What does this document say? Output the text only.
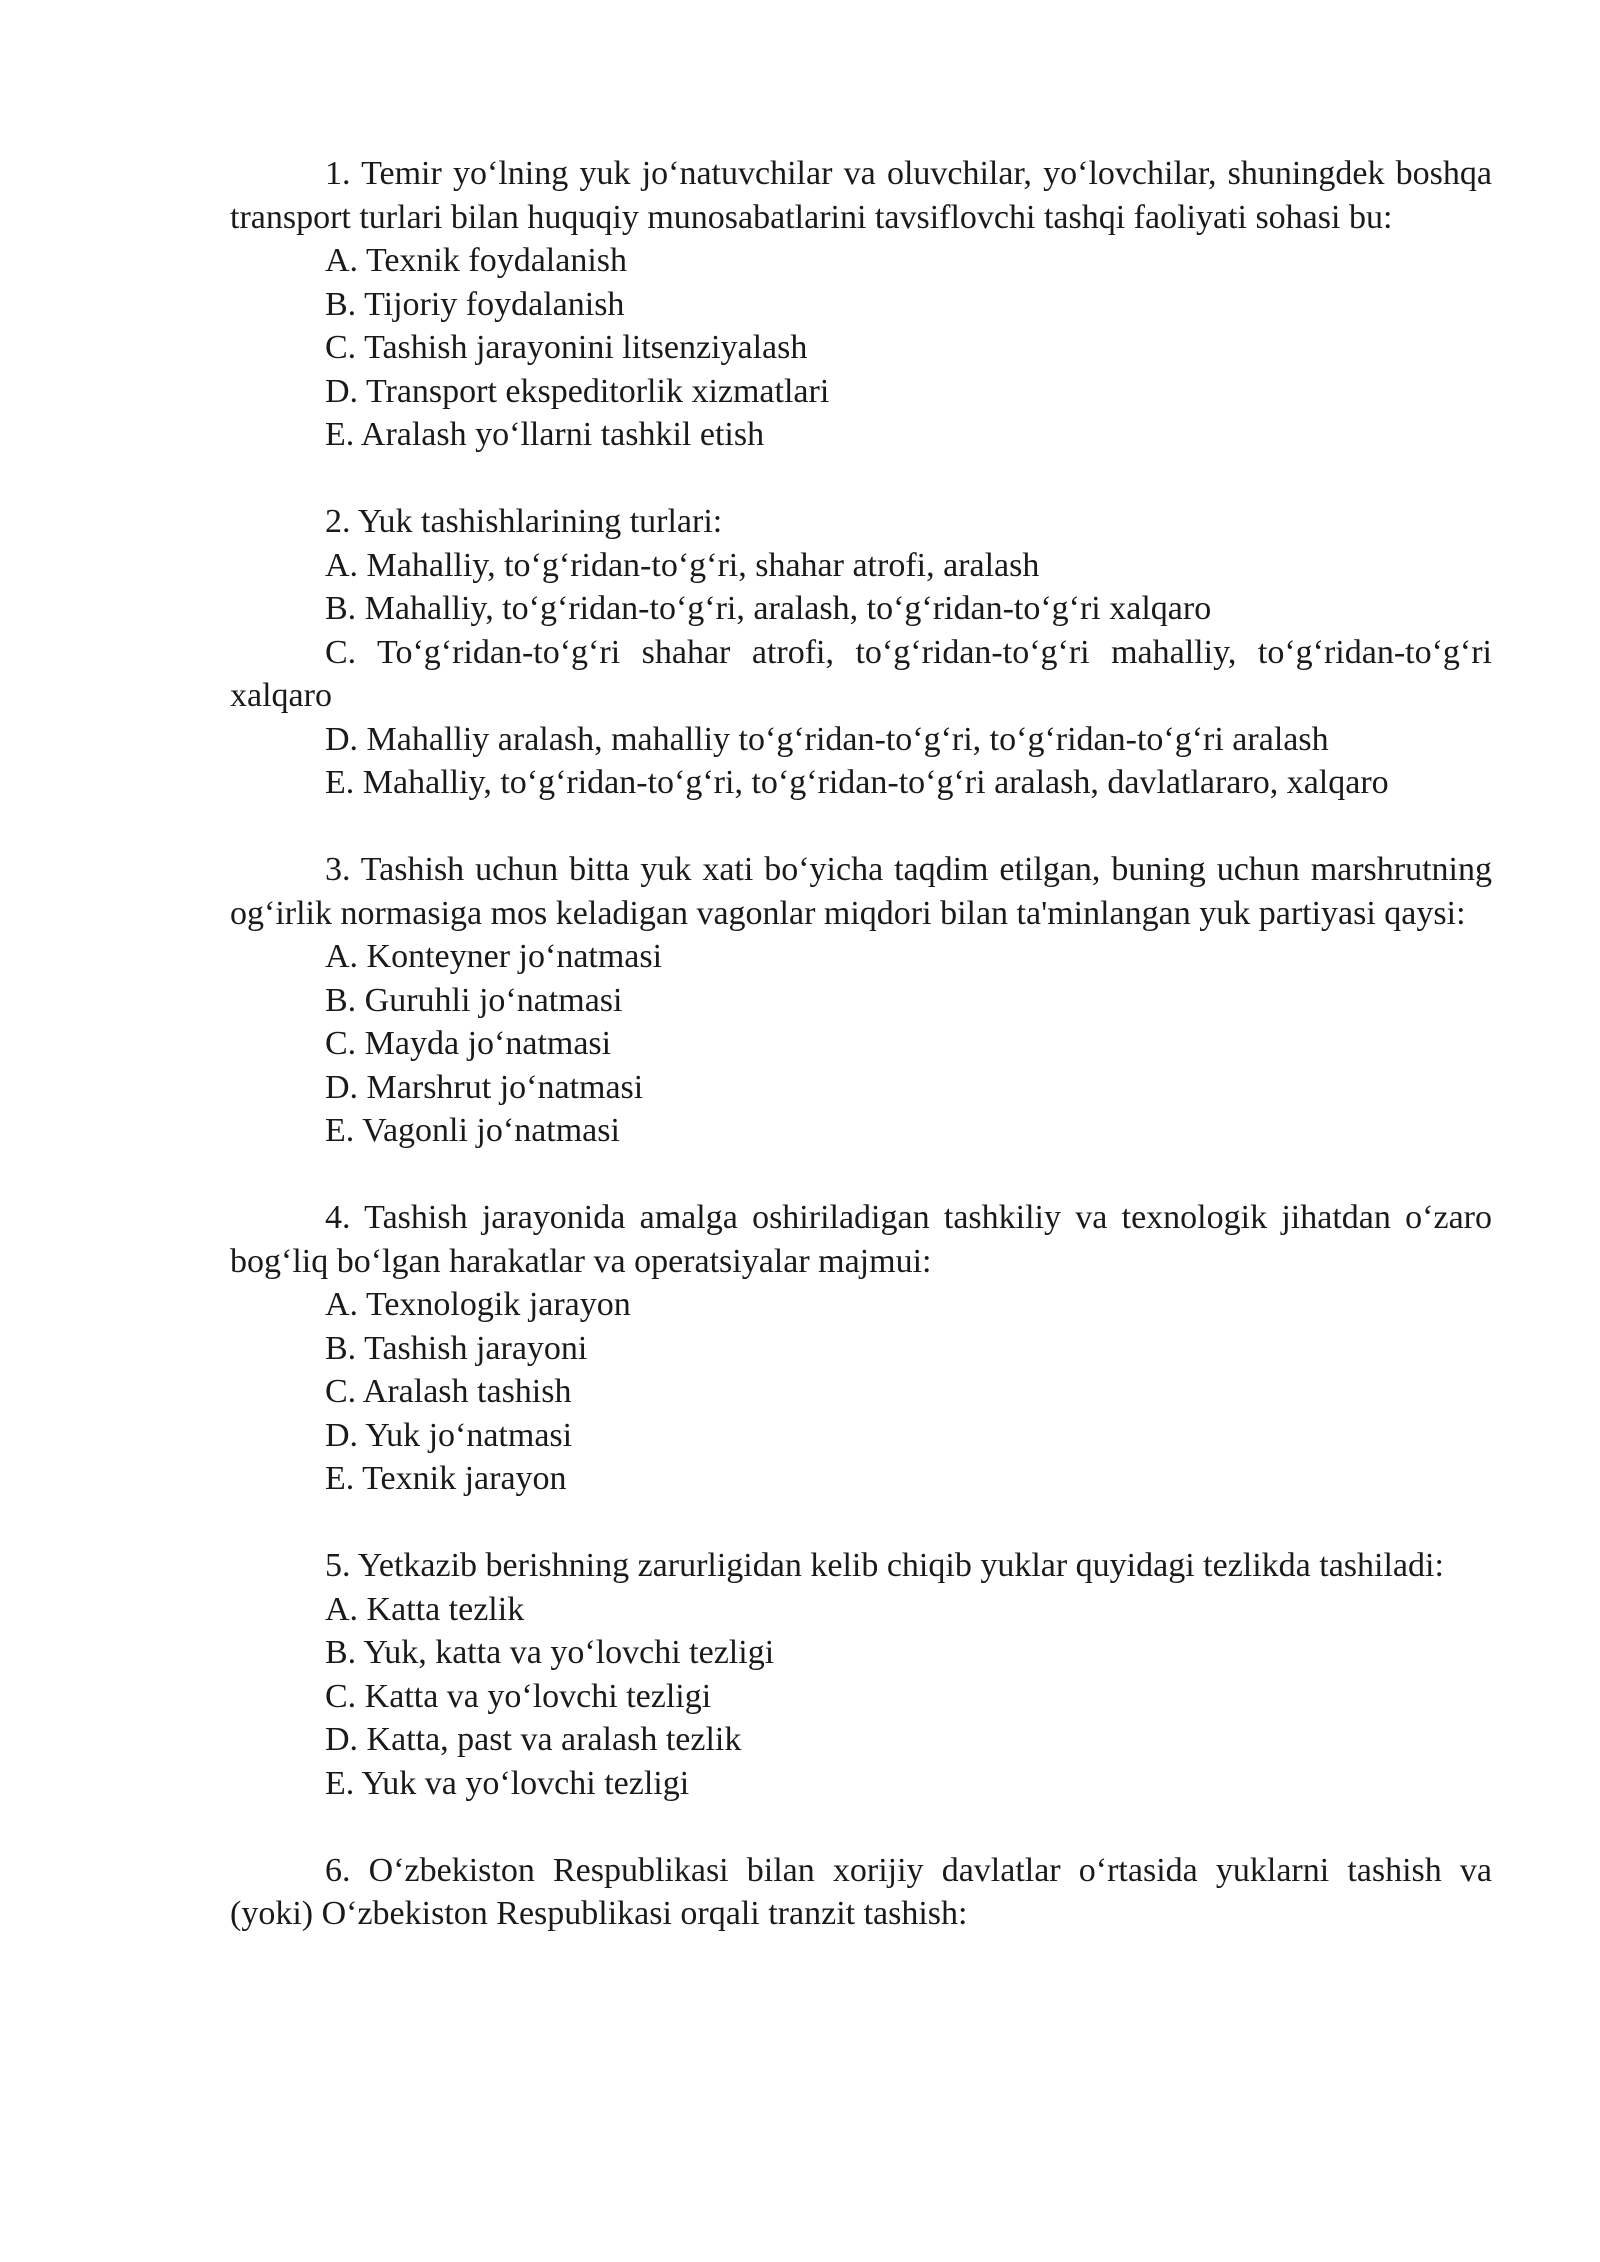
1. Temir yo‘lning yuk jo‘natuvchilar va oluvchilar, yo‘lovchilar, shuningdek boshqa transport turlari bilan huquqiy munosabatlarini tavsiflovchi tashqi faoliyati sohasi bu:

A. Texnik foydalanish

B. Tijoriy foydalanish

C. Tashish jarayonini litsenziyalash

D. Transport ekspeditorlik xizmatlari

E. Aralash yo‘llarni tashkil etish

2. Yuk tashishlarining turlari:

A. Mahalliy, to‘g‘ridan-to‘g‘ri, shahar atrofi, aralash

B. Mahalliy, to‘g‘ridan-to‘g‘ri, aralash, to‘g‘ridan-to‘g‘ri xalqaro

C. To‘g‘ridan-to‘g‘ri shahar atrofi, to‘g‘ridan-to‘g‘ri mahalliy, to‘g‘ridan-to‘g‘ri xalqaro

D. Mahalliy aralash, mahalliy to‘g‘ridan-to‘g‘ri, to‘g‘ridan-to‘g‘ri aralash

E. Mahalliy, to‘g‘ridan-to‘g‘ri, to‘g‘ridan-to‘g‘ri aralash, davlatlararo, xalqaro

3. Tashish uchun bitta yuk xati bo‘yicha taqdim etilgan, buning uchun marshrutning og‘irlik normasiga mos keladigan vagonlar miqdori bilan ta'minlangan yuk partiyasi qaysi:

A. Konteyner jo‘natmasi

B. Guruhli jo‘natmasi

C. Mayda jo‘natmasi

D. Marshrut jo‘natmasi

E. Vagonli jo‘natmasi

4. Tashish jarayonida amalga oshiriladigan tashkiliy va texnologik jihatdan o‘zaro bog‘liq bo‘lgan harakatlar va operatsiyalar majmui:

A. Texnologik jarayon

B. Tashish jarayoni

C. Aralash tashish

D. Yuk jo‘natmasi

E. Texnik jarayon

5. Yetkazib berishning zarurligidan kelib chiqib yuklar quyidagi tezlikda tashiladi:

A. Katta tezlik

B. Yuk, katta va yo‘lovchi tezligi

C. Katta va yo‘lovchi tezligi

D. Katta, past va aralash tezlik

E. Yuk va yo‘lovchi tezligi

6. O‘zbekiston Respublikasi bilan xorijiy davlatlar o‘rtasida yuklarni tashish va (yoki) O‘zbekiston Respublikasi orqali tranzit tashish:
